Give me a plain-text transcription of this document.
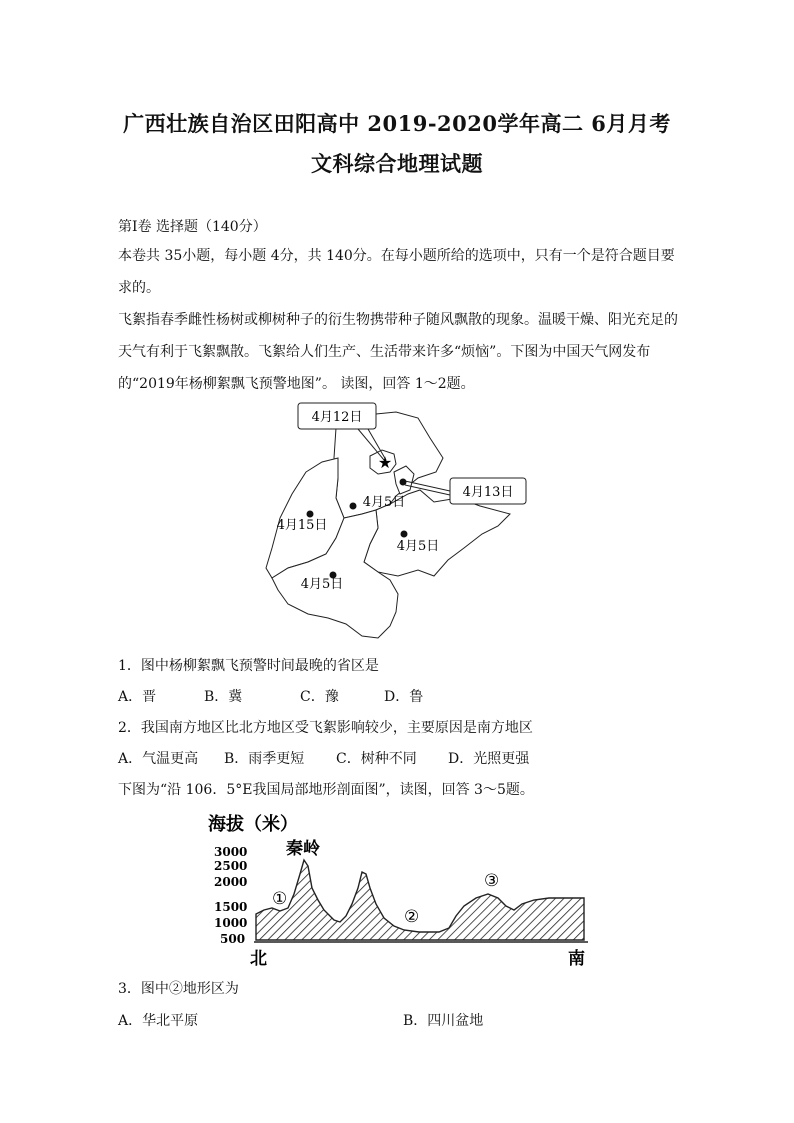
广西壮族自治区田阳高中 2019-2020学年高二 6月月考
文科综合地理试题
第Ⅰ卷 选择题（140分）

本卷共 35小题，每小题 4分，共 140分。在每小题所给的选项中，只有一个是符合题目要求的。

飞絮指春季雌性杨树或柳树种子的衍生物携带种子随风飘散的现象。温暖干燥、阳光充足的天气有利于飞絮飘散。飞絮给人们生产、生活带来许多“烦恼”。下图为中国天气网发布的“2019年杨柳絮飘飞预警地图”。 读图，回答 1～2题。

4月12日
4月13日
★
4月5日
4月15日
4月5日
4月5日
1．图中杨柳絮飘飞预警时间最晚的省区是
A．晋	B．冀	C．豫	D．鲁
2．我国南方地区比北方地区受飞絮影响较少，主要原因是南方地区
A．气温更高 B．雨季更短 C．树种不同 D．光照更强
下图为“沿 106．5°E我国局部地形剖面图”，读图，回答 3～5题。
海拔（米）
3000
2500
2000
1500
1000
500
秦岭
①
②
③
北	南
3．图中②地形区为
A．华北平原	B．四川盆地
